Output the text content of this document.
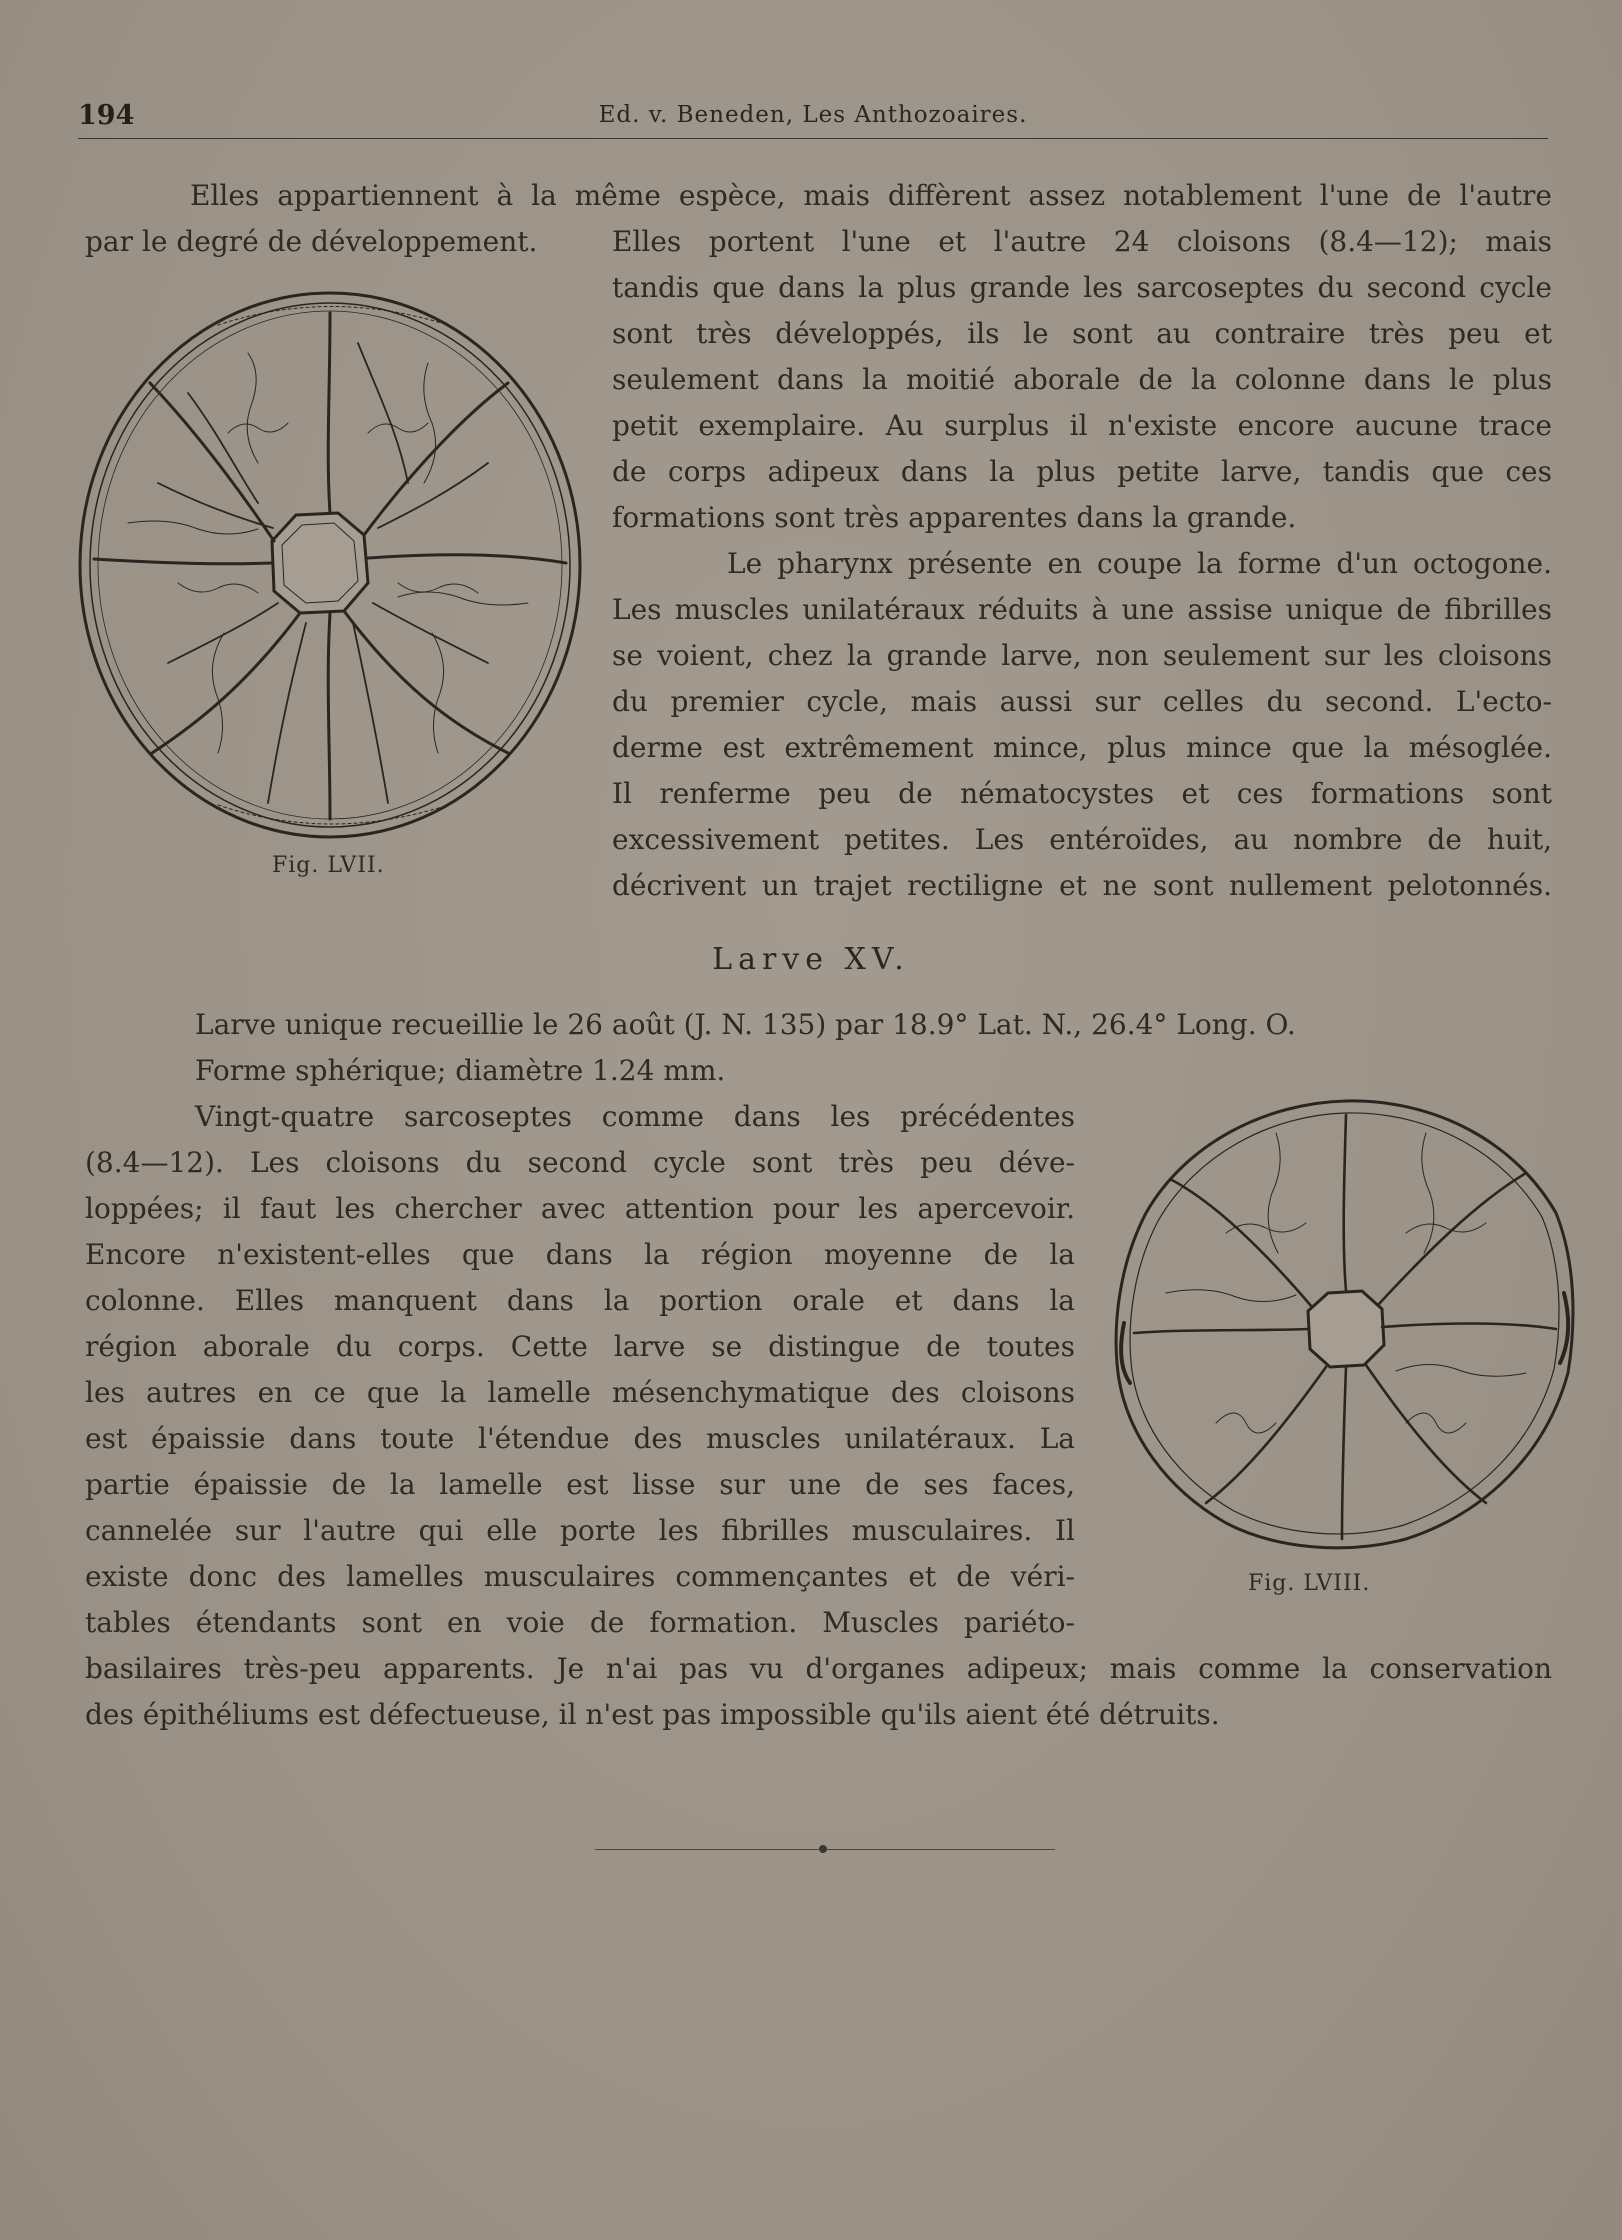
194	Ed. v. Beneden, Les Anthozoaires.
Elles appartiennent à la même espèce, mais diffèrent assez notablement l'une de l'autre
par le degré de développement.	Elles portent l'une et l'autre 24 cloisons (8.4—12); mais
tandis que dans la plus grande les sarcoseptes du second cycle
sont très développés, ils le sont au contraire très peu et
seulement dans la moitié aborale de la colonne dans le plus
petit exemplaire. Au surplus il n'existe encore aucune trace
de corps adipeux dans la plus petite larve, tandis que ces
formations sont très apparentes dans la grande.
Le pharynx présente en coupe la forme d'un octogone.
Les muscles unilatéraux réduits à une assise unique de fibrilles
se voient, chez la grande larve, non seulement sur les cloisons
du premier cycle, mais aussi sur celles du second. L'ecto-
derme est extrêmement mince, plus mince que la mésoglée.
Il renferme peu de nématocystes et ces formations sont
excessivement petites. Les entéroïdes, au nombre de huit,
décrivent un trajet rectiligne et ne sont nullement pelotonnés.
Fig. LVII.
Larve XV.
Larve unique recueillie le 26 août (J. N. 135) par 18.9° Lat. N., 26.4° Long. O.
Forme sphérique; diamètre 1.24 mm.
Vingt-quatre sarcoseptes comme dans les précédentes
(8.4—12). Les cloisons du second cycle sont très peu déve-
loppées; il faut les chercher avec attention pour les apercevoir.
Encore n'existent-elles que dans la région moyenne de la
colonne. Elles manquent dans la portion orale et dans la
région aborale du corps. Cette larve se distingue de toutes
les autres en ce que la lamelle mésenchymatique des cloisons
est épaissie dans toute l'étendue des muscles unilatéraux. La
partie épaissie de la lamelle est lisse sur une de ses faces,
cannelée sur l'autre qui elle porte les fibrilles musculaires. Il
existe donc des lamelles musculaires commençantes et de véri-
tables étendants sont en voie de formation. Muscles pariéto-
basilaires très-peu apparents. Je n'ai pas vu d'organes adipeux; mais comme la conservation
des épithéliums est défectueuse, il n'est pas impossible qu'ils aient été détruits.
Fig. LVIII.
